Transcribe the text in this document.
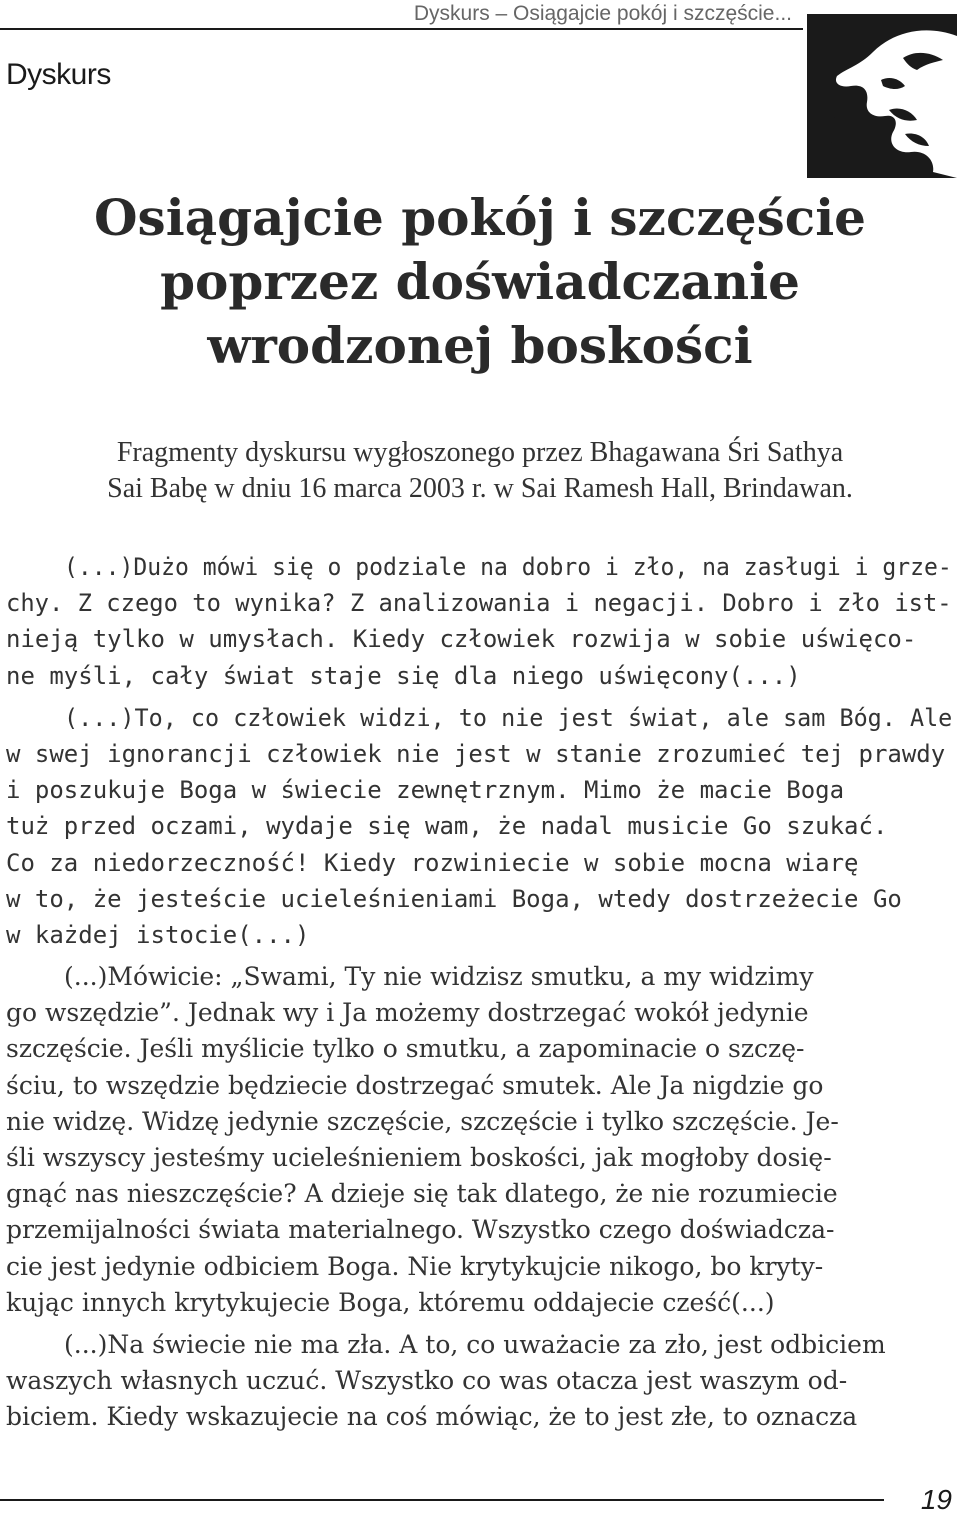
Dyskurs – Osiągajcie pokój i szczęście...
Dyskurs
Osiągajcie pokój i szczęście
poprzez doświadczanie
wrodzonej boskości
Fragmenty dyskursu wygłoszonego przez Bhagawana Śri Sathya
Sai Babę w dniu 16 marca 2003 r. w Sai Ramesh Hall, Brindawan.
(...)Dużo mówi się o podziale na dobro i zło, na zasługi i grze-
chy. Z czego to wynika? Z analizowania i negacji. Dobro i zło ist-
nieją tylko w umysłach. Kiedy człowiek rozwija w sobie uświęco-
ne myśli, cały świat staje się dla niego uświęcony(...)
(...)To, co człowiek widzi, to nie jest świat, ale sam Bóg. Ale
w swej ignorancji człowiek nie jest w stanie zrozumieć tej prawdy
i poszukuje Boga w świecie zewnętrznym. Mimo że macie Boga
tuż przed oczami, wydaje się wam, że nadal musicie Go szukać.
Co za niedorzeczność! Kiedy rozwiniecie w sobie mocna wiarę
w to, że jesteście ucieleśnieniami Boga, wtedy dostrzeżecie Go
w każdej istocie(...)
(...)Mówicie: „Swami, Ty nie widzisz smutku, a my widzimy
go wszędzie”. Jednak wy i Ja możemy dostrzegać wokół jedynie
szczęście. Jeśli myślicie tylko o smutku, a zapominacie o szczę-
ściu, to wszędzie będziecie dostrzegać smutek. Ale Ja nigdzie go
nie widzę. Widzę jedynie szczęście, szczęście i tylko szczęście. Je-
śli wszyscy jesteśmy ucieleśnieniem boskości, jak mogłoby dosię-
gnąć nas nieszczęście? A dzieje się tak dlatego, że nie rozumiecie
przemijalności świata materialnego. Wszystko czego doświadcza-
cie jest jedynie odbiciem Boga. Nie krytykujcie nikogo, bo kryty-
kując innych krytykujecie Boga, któremu oddajecie cześć(...)
(...)Na świecie nie ma zła. A to, co uważacie za zło, jest odbiciem
waszych własnych uczuć. Wszystko co was otacza jest waszym od-
biciem. Kiedy wskazujecie na coś mówiąc, że to jest złe, to oznacza
19
